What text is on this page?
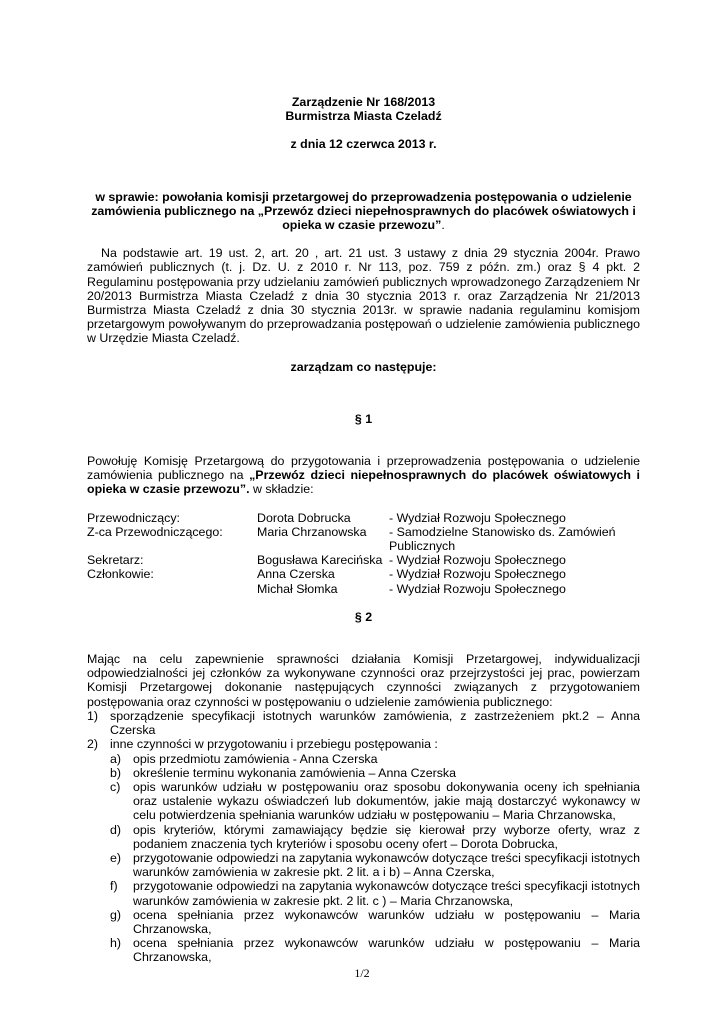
Zarządzenie Nr 168/2013

Burmistrza Miasta Czeladź

z dnia 12 czerwca 2013 r.

w sprawie: powołania komisji przetargowej do przeprowadzenia postępowania o udzielenie zamówienia publicznego na „Przewóz dzieci niepełnosprawnych do placówek oświatowych i opieka w czasie przewozu”.

Na podstawie art. 19 ust. 2, art. 20 , art. 21 ust. 3 ustawy z dnia 29 stycznia 2004r. Prawo zamówień publicznych (t. j. Dz. U. z 2010 r. Nr 113, poz. 759 z późn. zm.) oraz § 4 pkt. 2 Regulaminu postępowania przy udzielaniu zamówień publicznych wprowadzonego Zarządzeniem Nr 20/2013 Burmistrza Miasta Czeladź z dnia 30 stycznia 2013 r. oraz Zarządzenia Nr 21/2013 Burmistrza Miasta Czeladź z dnia 30 stycznia 2013r. w sprawie nadania regulaminu komisjom przetargowym powoływanym do przeprowadzania postępowań o udzielenie zamówienia publicznego w Urzędzie Miasta Czeladź.

zarządzam co następuje:

§ 1

Powołuję Komisję Przetargową do przygotowania i przeprowadzenia postępowania o udzielenie zamówienia publicznego na „Przewóz dzieci niepełnosprawnych do placówek oświatowych i opieka w czasie przewozu”. w składzie:

Przewodniczący:	Dorota Dobrucka	- Wydział Rozwoju Społecznego
Z-ca Przewodniczącego:	Maria Chrzanowska	- Samodzielne Stanowisko ds. Zamówień Publicznych
Sekretarz:	Bogusława Karecińska	- Wydział Rozwoju Społecznego
Członkowie:	Anna Czerska	- Wydział Rozwoju Społecznego
	Michał Słomka	- Wydział Rozwoju Społecznego

§ 2

Mając na celu zapewnienie sprawności działania Komisji Przetargowej, indywidualizacji odpowiedzialności jej członków za wykonywane czynności oraz przejrzystości jej prac, powierzam Komisji Przetargowej dokonanie następujących czynności związanych z przygotowaniem postępowania oraz czynności w postępowaniu o udzielenie zamówienia publicznego:

1) sporządzenie specyfikacji istotnych warunków zamówienia, z zastrzeżeniem pkt.2 – Anna Czerska
2) inne czynności w przygotowaniu i przebiegu postępowania :
a) opis przedmiotu zamówienia - Anna Czerska
b) określenie terminu wykonania zamówienia – Anna Czerska
c) opis warunków udziału w postępowaniu oraz sposobu dokonywania oceny ich spełniania oraz ustalenie wykazu oświadczeń lub dokumentów, jakie mają dostarczyć wykonawcy w celu potwierdzenia spełniania warunków udziału w postępowaniu – Maria Chrzanowska,
d) opis kryteriów, którymi zamawiający będzie się kierował przy wyborze oferty, wraz z podaniem znaczenia tych kryteriów i sposobu oceny ofert – Dorota Dobrucka,
e) przygotowanie odpowiedzi na zapytania wykonawców dotyczące treści specyfikacji istotnych warunków zamówienia w zakresie pkt. 2 lit. a i b) – Anna Czerska,
f) przygotowanie odpowiedzi na zapytania wykonawców dotyczące treści specyfikacji istotnych warunków zamówienia w zakresie pkt. 2 lit. c ) – Maria Chrzanowska,
g) ocena spełniania przez wykonawców warunków udziału w postępowaniu – Maria Chrzanowska,
h) ocena spełniania przez wykonawców warunków udziału w postępowaniu – Maria Chrzanowska,
1/2
